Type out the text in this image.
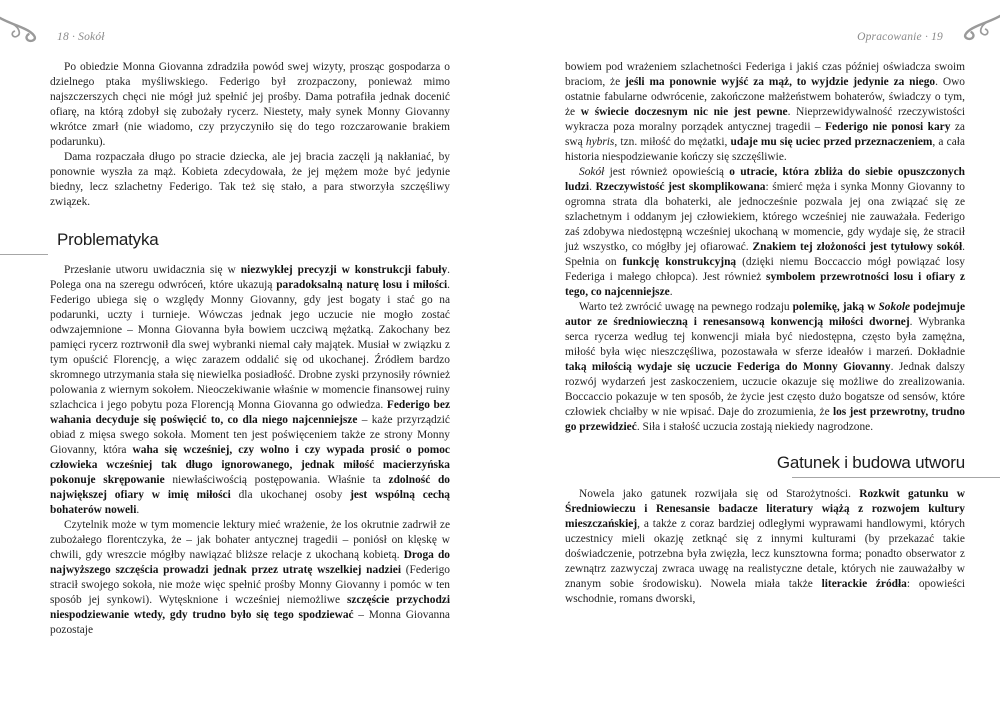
18 · Sokół	Opracowanie · 19

Po obiedzie Monna Giovanna zdradziła powód swej wizyty, prosząc gospodarza o dzielnego ptaka myśliwskiego. Federigo był zrozpaczony, ponieważ mimo najszczerszych chęci nie mógł już spełnić jej prośby. Dama potrafiła jednak docenić ofiarę, na którą zdobył się zubożały rycerz. Niestety, mały synek Monny Giovanny wkrótce zmarł (nie wiadomo, czy przyczyniło się do tego rozczarowanie brakiem podarunku).

Dama rozpaczała długo po stracie dziecka, ale jej bracia zaczęli ją nakłaniać, by ponownie wyszła za mąż. Kobieta zdecydowała, że jej mężem może być jedynie biedny, lecz szlachetny Federigo. Tak też się stało, a para stworzyła szczęśliwy związek.

Problematyka

Przesłanie utworu uwidacznia się w niezwykłej precyzji w konstrukcji fabuły. Polega ona na szeregu odwróceń, które ukazują paradoksalną naturę losu i miłości. Federigo ubiega się o względy Monny Giovanny, gdy jest bogaty i stać go na podarunki, uczty i turnieje. Wówczas jednak jego uczucie nie mogło zostać odwzajemnione – Monna Giovanna była bowiem uczciwą mężatką. Zakochany bez pamięci rycerz roztrwonił dla swej wybranki niemal cały majątek. Musiał w związku z tym opuścić Florencję, a więc zarazem oddalić się od ukochanej. Źródłem bardzo skromnego utrzymania stała się niewielka posiadłość. Drobne zyski przynosiły również polowania z wiernym sokołem. Nieoczekiwanie właśnie w momencie finansowej ruiny szlachcica i jego pobytu poza Florencją Monna Giovanna go odwiedza. Federigo bez wahania decyduje się poświęcić to, co dla niego najcenniejsze – każe przyrządzić obiad z mięsa swego sokoła. Moment ten jest poświęceniem także ze strony Monny Giovanny, która waha się wcześniej, czy wolno i czy wypada prosić o pomoc człowieka wcześniej tak długo ignorowanego, jednak miłość macierzyńska pokonuje skrępowanie niewłaściwością postępowania. Właśnie ta zdolność do największej ofiary w imię miłości dla ukochanej osoby jest wspólną cechą bohaterów noweli.

Czytelnik może w tym momencie lektury mieć wrażenie, że los okrutnie zadrwił ze zubożałego florentczyka, że – jak bohater antycznej tragedii – poniósł on klęskę w chwili, gdy wreszcie mógłby nawiązać bliższe relacje z ukochaną kobietą. Droga do najwyższego szczęścia prowadzi jednak przez utratę wszelkiej nadziei (Federigo stracił swojego sokoła, nie może więc spełnić prośby Monny Giovanny i pomóc w ten sposób jej synkowi). Wytęsknione i wcześniej niemożliwe szczęście przychodzi niespodziewanie wtedy, gdy trudno było się tego spodziewać – Monna Giovanna pozostaje

bowiem pod wrażeniem szlachetności Federiga i jakiś czas później oświadcza swoim braciom, że jeśli ma ponownie wyjść za mąż, to wyjdzie jedynie za niego. Owo ostatnie fabularne odwrócenie, zakończone małżeństwem bohaterów, świadczy o tym, że w świecie doczesnym nic nie jest pewne. Nieprzewidywalność rzeczywistości wykracza poza moralny porządek antycznej tragedii – Federigo nie ponosi kary za swą hybris, tzn. miłość do mężatki, udaje mu się uciec przed przeznaczeniem, a cała historia niespodziewanie kończy się szczęśliwie.

Sokół jest również opowieścią o utracie, która zbliża do siebie opuszczonych ludzi. Rzeczywistość jest skomplikowana: śmierć męża i synka Monny Giovanny to ogromna strata dla bohaterki, ale jednocześnie pozwala jej ona związać się ze szlachetnym i oddanym jej człowiekiem, którego wcześniej nie zauważała. Federigo zaś zdobywa niedostępną wcześniej ukochaną w momencie, gdy wydaje się, że stracił już wszystko, co mógłby jej ofiarować. Znakiem tej złożoności jest tytułowy sokół. Spełnia on funkcję konstrukcyjną (dzięki niemu Boccaccio mógł powiązać losy Federiga i małego chłopca). Jest również symbolem przewrotności losu i ofiary z tego, co najcenniejsze.

Warto też zwrócić uwagę na pewnego rodzaju polemikę, jaką w Sokole podejmuje autor ze średniowieczną i renesansową konwencją miłości dwornej. Wybranka serca rycerza według tej konwencji miała być niedostępna, często była zamężna, miłość była więc nieszczęśliwa, pozostawała w sferze ideałów i marzeń. Dokładnie taką miłością wydaje się uczucie Federiga do Monny Giovanny. Jednak dalszy rozwój wydarzeń jest zaskoczeniem, uczucie okazuje się możliwe do zrealizowania. Boccaccio pokazuje w ten sposób, że życie jest często dużo bogatsze od sensów, które człowiek chciałby w nie wpisać. Daje do zrozumienia, że los jest przewrotny, trudno go przewidzieć. Siła i stałość uczucia zostają niekiedy nagrodzone.

Gatunek i budowa utworu

Nowela jako gatunek rozwijała się od Starożytności. Rozkwit gatunku w Średniowieczu i Renesansie badacze literatury wiążą z rozwojem kultury mieszczańskiej, a także z coraz bardziej odległymi wyprawami handlowymi, których uczestnicy mieli okazję zetknąć się z innymi kulturami (by przekazać takie doświadczenie, potrzebna była zwięzła, lecz kunsztowna forma; ponadto obserwator z zewnątrz zazwyczaj zwraca uwagę na realistyczne detale, których nie zauważałby w znanym sobie środowisku). Nowela miała także literackie źródła: opowieści wschodnie, romans dworski,
